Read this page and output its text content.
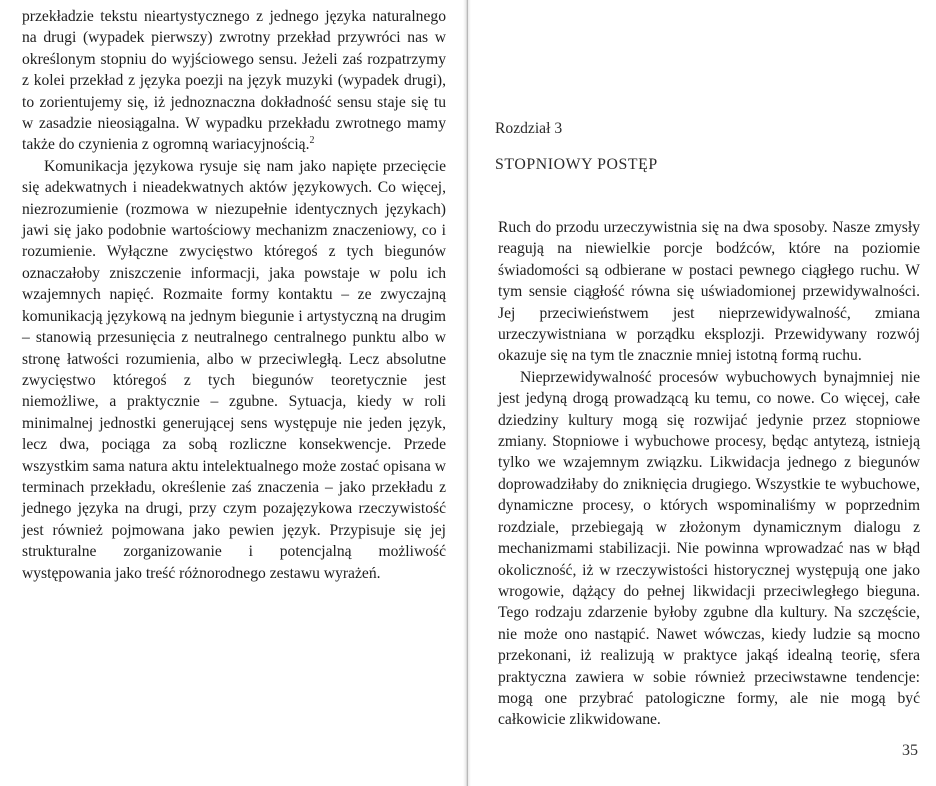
przekładzie tekstu nieartystycznego z jednego języka naturalnego na drugi (wypadek pierwszy) zwrotny przekład przywróci nas w określonym stopniu do wyjściowego sensu. Jeżeli zaś rozpatrzymy z kolei przekład z języka poezji na język muzyki (wypadek drugi), to zorientujemy się, iż jednoznaczna dokładność sensu staje się tu w zasadzie nieosiągalna. W wypadku przekładu zwrotnego mamy także do czynienia z ogromną wariacyjnością.$^2$

Komunikacja językowa rysuje się nam jako napięte przecięcie się adekwatnych i nieadekwatnych aktów językowych. Co więcej, niezrozumienie (rozmowa w niezupełnie identycznych językach) jawi się jako podobnie wartościowy mechanizm znaczeniowy, co i rozumienie. Wyłączne zwycięstwo któregoś z tych biegunów oznaczałoby zniszczenie informacji, jaka powstaje w polu ich wzajemnych napięć. Rozmaite formy kontaktu – ze zwyczajną komunikacją językową na jednym biegunie i artystyczną na drugim – stanowią przesunięcia z neutralnego centralnego punktu albo w stronę łatwości rozumienia, albo w przeciwległą. Lecz absolutne zwycięstwo któregoś z tych biegunów teoretycznie jest niemożliwe, a praktycznie – zgubne. Sytuacja, kiedy w roli minimalnej jednostki generującej sens występuje nie jeden język, lecz dwa, pociąga za sobą rozliczne konsekwencje. Przede wszystkim sama natura aktu intelektualnego może zostać opisana w terminach przekładu, określenie zaś znaczenia – jako przekładu z jednego języka na drugi, przy czym pozajęzykowa rzeczywistość jest również pojmowana jako pewien język. Przypisuje się jej strukturalne zorganizowanie i potencjalną możliwość występowania jako treść różnorodnego zestawu wyrażeń.

Rozdział 3
STOPNIOWY POSTĘP

Ruch do przodu urzeczywistnia się na dwa sposoby. Nasze zmysły reagują na niewielkie porcje bodźców, które na poziomie świadomości są odbierane w postaci pewnego ciągłego ruchu. W tym sensie ciągłość równa się uświadomionej przewidywalności. Jej przeciwieństwem jest nieprzewidywalność, zmiana urzeczywistniana w porządku eksplozji. Przewidywany rozwój okazuje się na tym tle znacznie mniej istotną formą ruchu.

Nieprzewidywalność procesów wybuchowych bynajmniej nie jest jedyną drogą prowadzącą ku temu, co nowe. Co więcej, całe dziedziny kultury mogą się rozwijać jedynie przez stopniowe zmiany. Stopniowe i wybuchowe procesy, będąc antytezą, istnieją tylko we wzajemnym związku. Likwidacja jednego z biegunów doprowadziłaby do zniknięcia drugiego. Wszystkie te wybuchowe, dynamiczne procesy, o których wspominaliśmy w poprzednim rozdziale, przebiegają w złożonym dynamicznym dialogu z mechanizmami stabilizacji. Nie powinna wprowadzać nas w błąd okoliczność, iż w rzeczywistości historycznej występują one jako wrogowie, dążący do pełnej likwidacji przeciwległego bieguna. Tego rodzaju zdarzenie byłoby zgubne dla kultury. Na szczęście, nie może ono nastąpić. Nawet wówczas, kiedy ludzie są mocno przekonani, iż realizują w praktyce jakąś idealną teorię, sfera praktyczna zawiera w sobie również przeciwstawne tendencje: mogą one przybrać patologiczne formy, ale nie mogą być całkowicie zlikwidowane.

35
